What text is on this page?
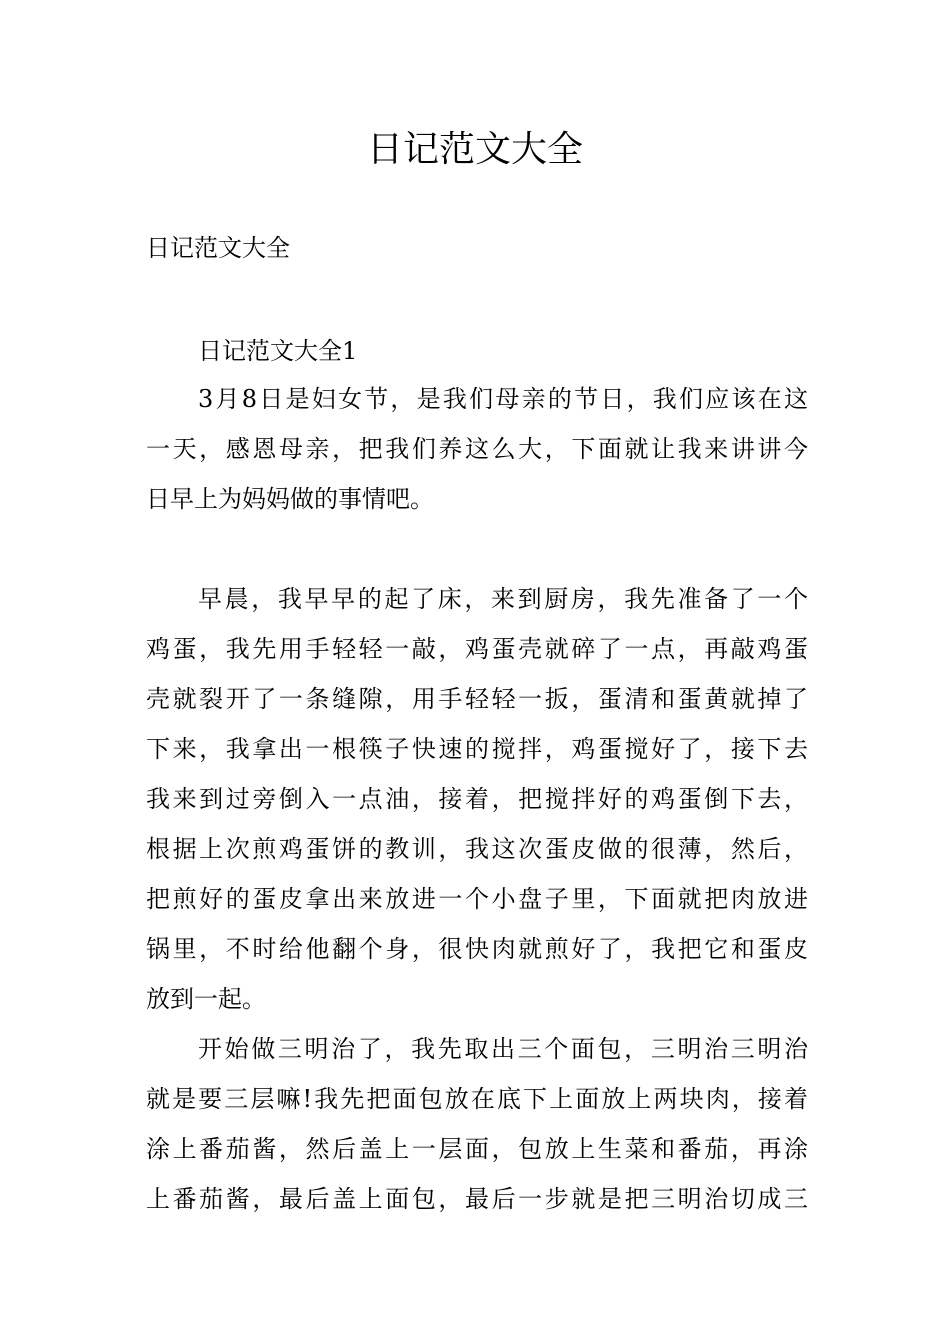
日记范文大全
日记范文大全
日记范文大全1
3月8日是妇女节，是我们母亲的节日，我们应该在这
一天，感恩母亲，把我们养这么大，下面就让我来讲讲今
日早上为妈妈做的事情吧。
早晨，我早早的起了床，来到厨房，我先准备了一个
鸡蛋，我先用手轻轻一敲，鸡蛋壳就碎了一点，再敲鸡蛋
壳就裂开了一条缝隙，用手轻轻一扳，蛋清和蛋黄就掉了
下来，我拿出一根筷子快速的搅拌，鸡蛋搅好了，接下去
我来到过旁倒入一点油，接着，把搅拌好的鸡蛋倒下去，
根据上次煎鸡蛋饼的教训，我这次蛋皮做的很薄，然后，
把煎好的蛋皮拿出来放进一个小盘子里，下面就把肉放进
锅里，不时给他翻个身，很快肉就煎好了，我把它和蛋皮
放到一起。
开始做三明治了，我先取出三个面包，三明治三明治
就是要三层嘛!我先把面包放在底下上面放上两块肉，接着
涂上番茄酱，然后盖上一层面，包放上生菜和番茄，再涂
上番茄酱，最后盖上面包，最后一步就是把三明治切成三
